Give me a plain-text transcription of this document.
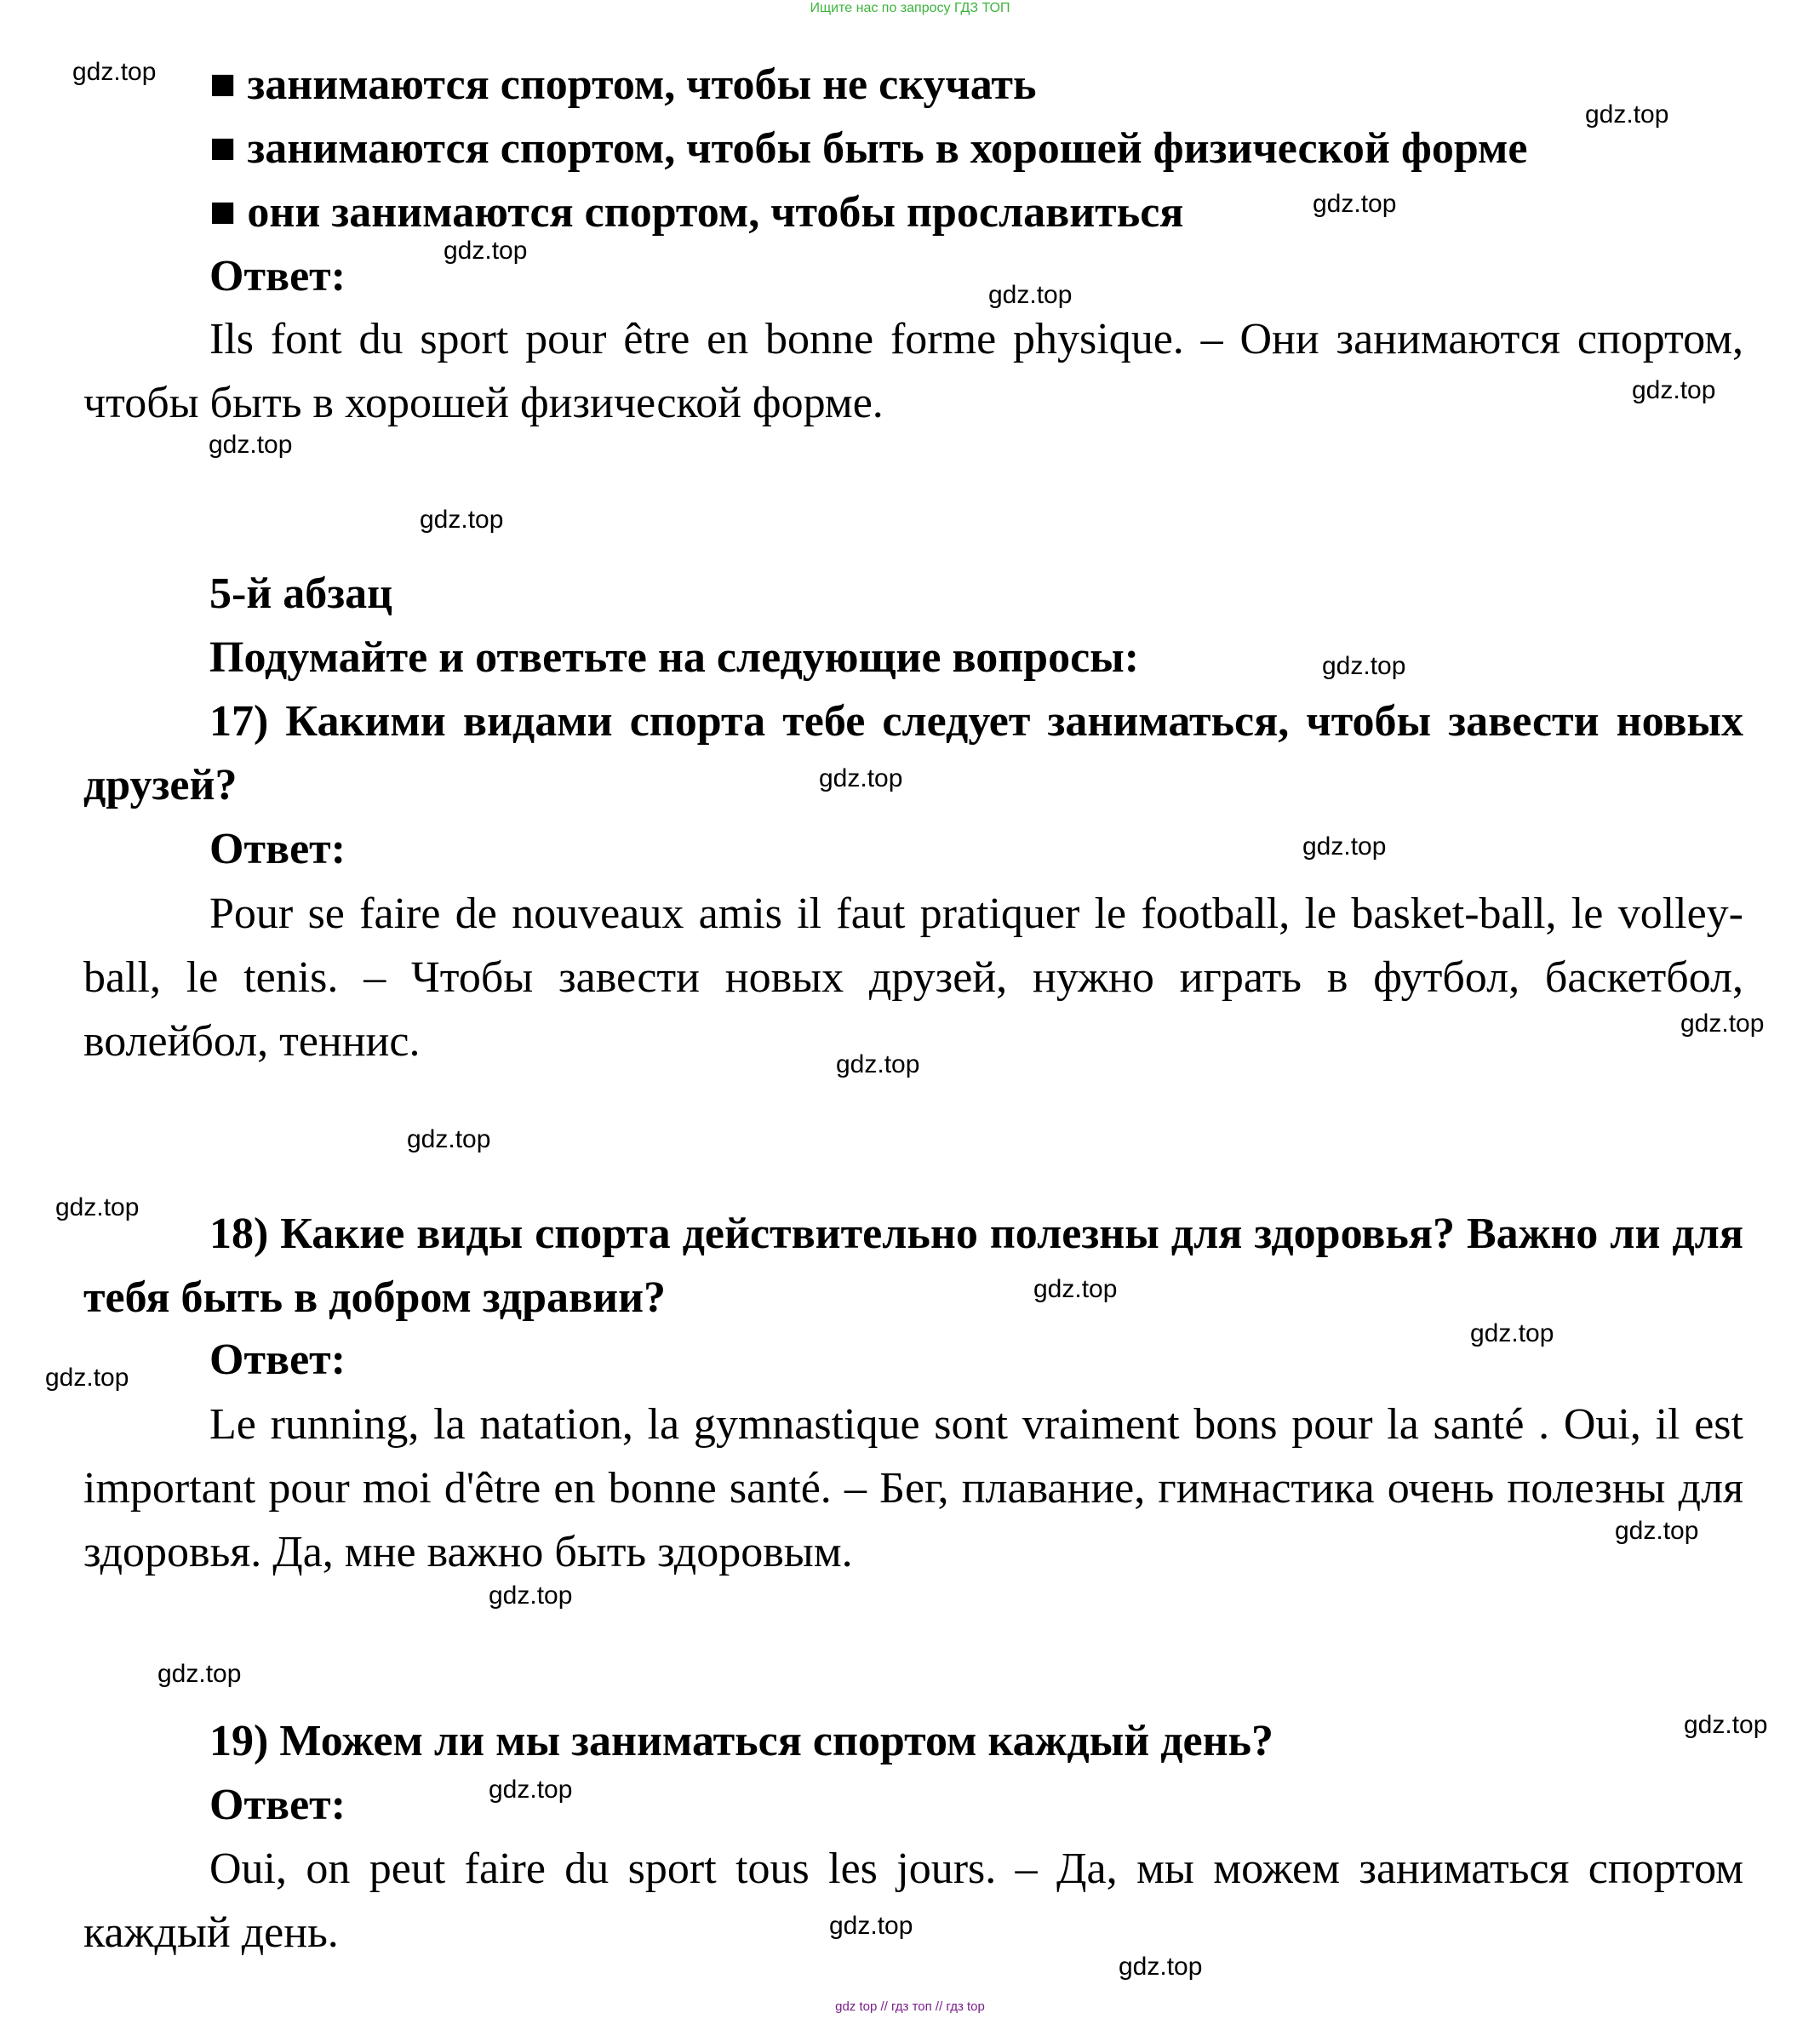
Ищите нас по запросу ГДЗ ТОП
■ занимаются спортом, чтобы не скучать
■ занимаются спортом, чтобы быть в хорошей физической форме
■ они занимаются спортом, чтобы прославиться
Ответ:
Ils font du sport pour être en bonne forme physique. – Они занимаются спортом, чтобы быть в хорошей физической форме.
5-й абзац
Подумайте и ответьте на следующие вопросы:
17) Какими видами спорта тебе следует заниматься, чтобы завести новых друзей?
Ответ:
Pour se faire de nouveaux amis il faut pratiquer le football, le basket-ball, le volley-ball, le tenis. – Чтобы завести новых друзей, нужно играть в футбол, баскетбол, волейбол, теннис.
18) Какие виды спорта действительно полезны для здоровья? Важно ли для тебя быть в добром здравии?
Ответ:
Le running, la natation, la gymnastique sont vraiment bons pour la santé . Oui, il est important pour moi d'être en bonne santé. – Бег, плавание, гимнастика очень полезны для здоровья. Да, мне важно быть здоровым.
19) Можем ли мы заниматься спортом каждый день?
Ответ:
Oui, on peut faire du sport tous les jours. – Да, мы можем заниматься спортом каждый день.
gdz.top
gdz.top
gdz.top
gdz.top
gdz.top
gdz.top
gdz.top
gdz.top
gdz.top
gdz.top
gdz.top
gdz.top
gdz.top
gdz.top
gdz.top
gdz.top
gdz.top
gdz.top
gdz.top
gdz.top
gdz.top
gdz.top
gdz.top
gdz.top
gdz.top
gdz top // гдз топ // гдз top
